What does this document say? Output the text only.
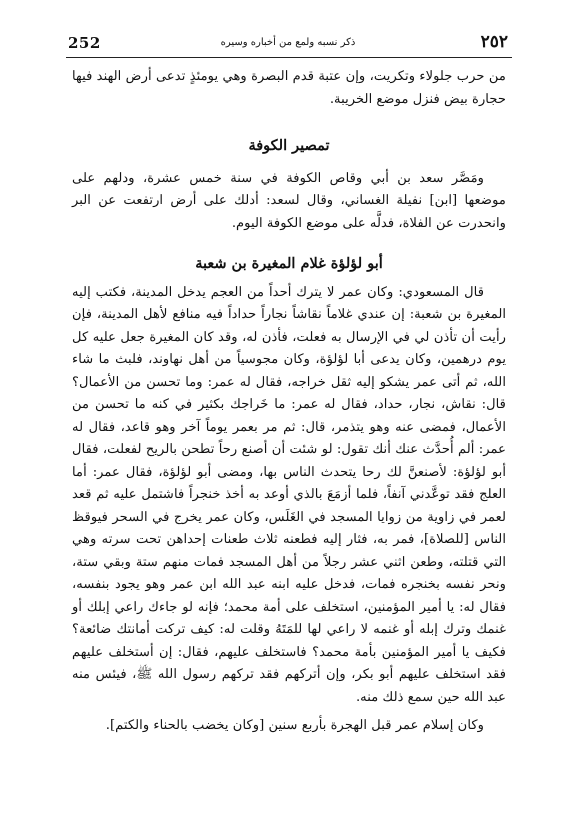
252	ذكر نسبه ولمع من أخباره وسيره	٢٥٢

من حرب جلولاء وتكريت، وإن عتبة قدم البصرة وهي يومئذٍ تدعى أرض الهند فيها حجارة بيض فنزل موضع الخريبة.

تمصير الكوفة

ومَصَّر سعد بن أبي وقاص الكوفة في سنة خمس عشرة، ودلهم على موضعها [ابن] نفيلة الغساني، وقال لسعد: أدلك على أرض ارتفعت عن البر وانحدرت عن الفلاة، فدلَّه على موضع الكوفة اليوم.

أبو لؤلؤة غلام المغيرة بن شعبة

قال المسعودي: وكان عمر لا يترك أحداً من العجم يدخل المدينة، فكتب إليه المغيرة بن شعبة: إن عندي غلاماً نقاشاً نجاراً حداداً فيه منافع لأهل المدينة، فإن رأيت أن تأذن لي في الإرسال به فعلت، فأذن له، وقد كان المغيرة جعل عليه كل يوم درهمين، وكان يدعى أبا لؤلؤة، وكان مجوسياً من أهل نهاوند، فلبث ما شاء الله، ثم أتى عمر يشكو إليه ثقل خراجه، فقال له عمر: وما تحسن من الأعمال؟ قال: نقاش، نجار، حداد، فقال له عمر: ما خَراجك بكثير في كنه ما تحسن من الأعمال، فمضى عنه وهو يتذمر، قال: ثم مر بعمر يوماً آخر وهو قاعد، فقال له عمر: ألم أُحدَّث عنك أنك تقول: لو شئت أن أصنع رحاً تطحن بالريح لفعلت، فقال أبو لؤلؤة: لأصنعنَّ لك رحا يتحدث الناس بها، ومضى أبو لؤلؤة، فقال عمر: أما العلج فقد توعَّدني آنفاً، فلما أزمَعَ بالذي أوعد به أخذ خنجراً فاشتمل عليه ثم قعد لعمر في زاوية من زوايا المسجد في الغَلَس، وكان عمر يخرج في السحر فيوقظ الناس [للصلاة]، فمر به، فثار إليه فطعنه ثلاث طعنات إحداهن تحت سرته وهي التي قتلته، وطعن اثني عشر رجلاً من أهل المسجد فمات منهم ستة وبقي ستة، ونحر نفسه بخنجره فمات، فدخل عليه ابنه عبد الله ابن عمر وهو يجود بنفسه، فقال له: يا أمير المؤمنين، استخلف على أمة محمد؛ فإنه لو جاءك راعي إبلك أو غنمك وترك إبله أو غنمه لا راعي لها للمَتَهُ وقلت له: كيف تركت أمانتك ضائعة؟ فكيف يا أمير المؤمنين بأمة محمد؟ فاستخلف عليهم، فقال: إن أستخلف عليهم فقد استخلف عليهم أبو بكر، وإن أتركهم فقد تركهم رسول الله ﷺ، فيئس منه عبد الله حين سمع ذلك منه.

وكان إسلام عمر قبل الهجرة بأربع سنين [وكان يخضب بالحناء والكتم].
